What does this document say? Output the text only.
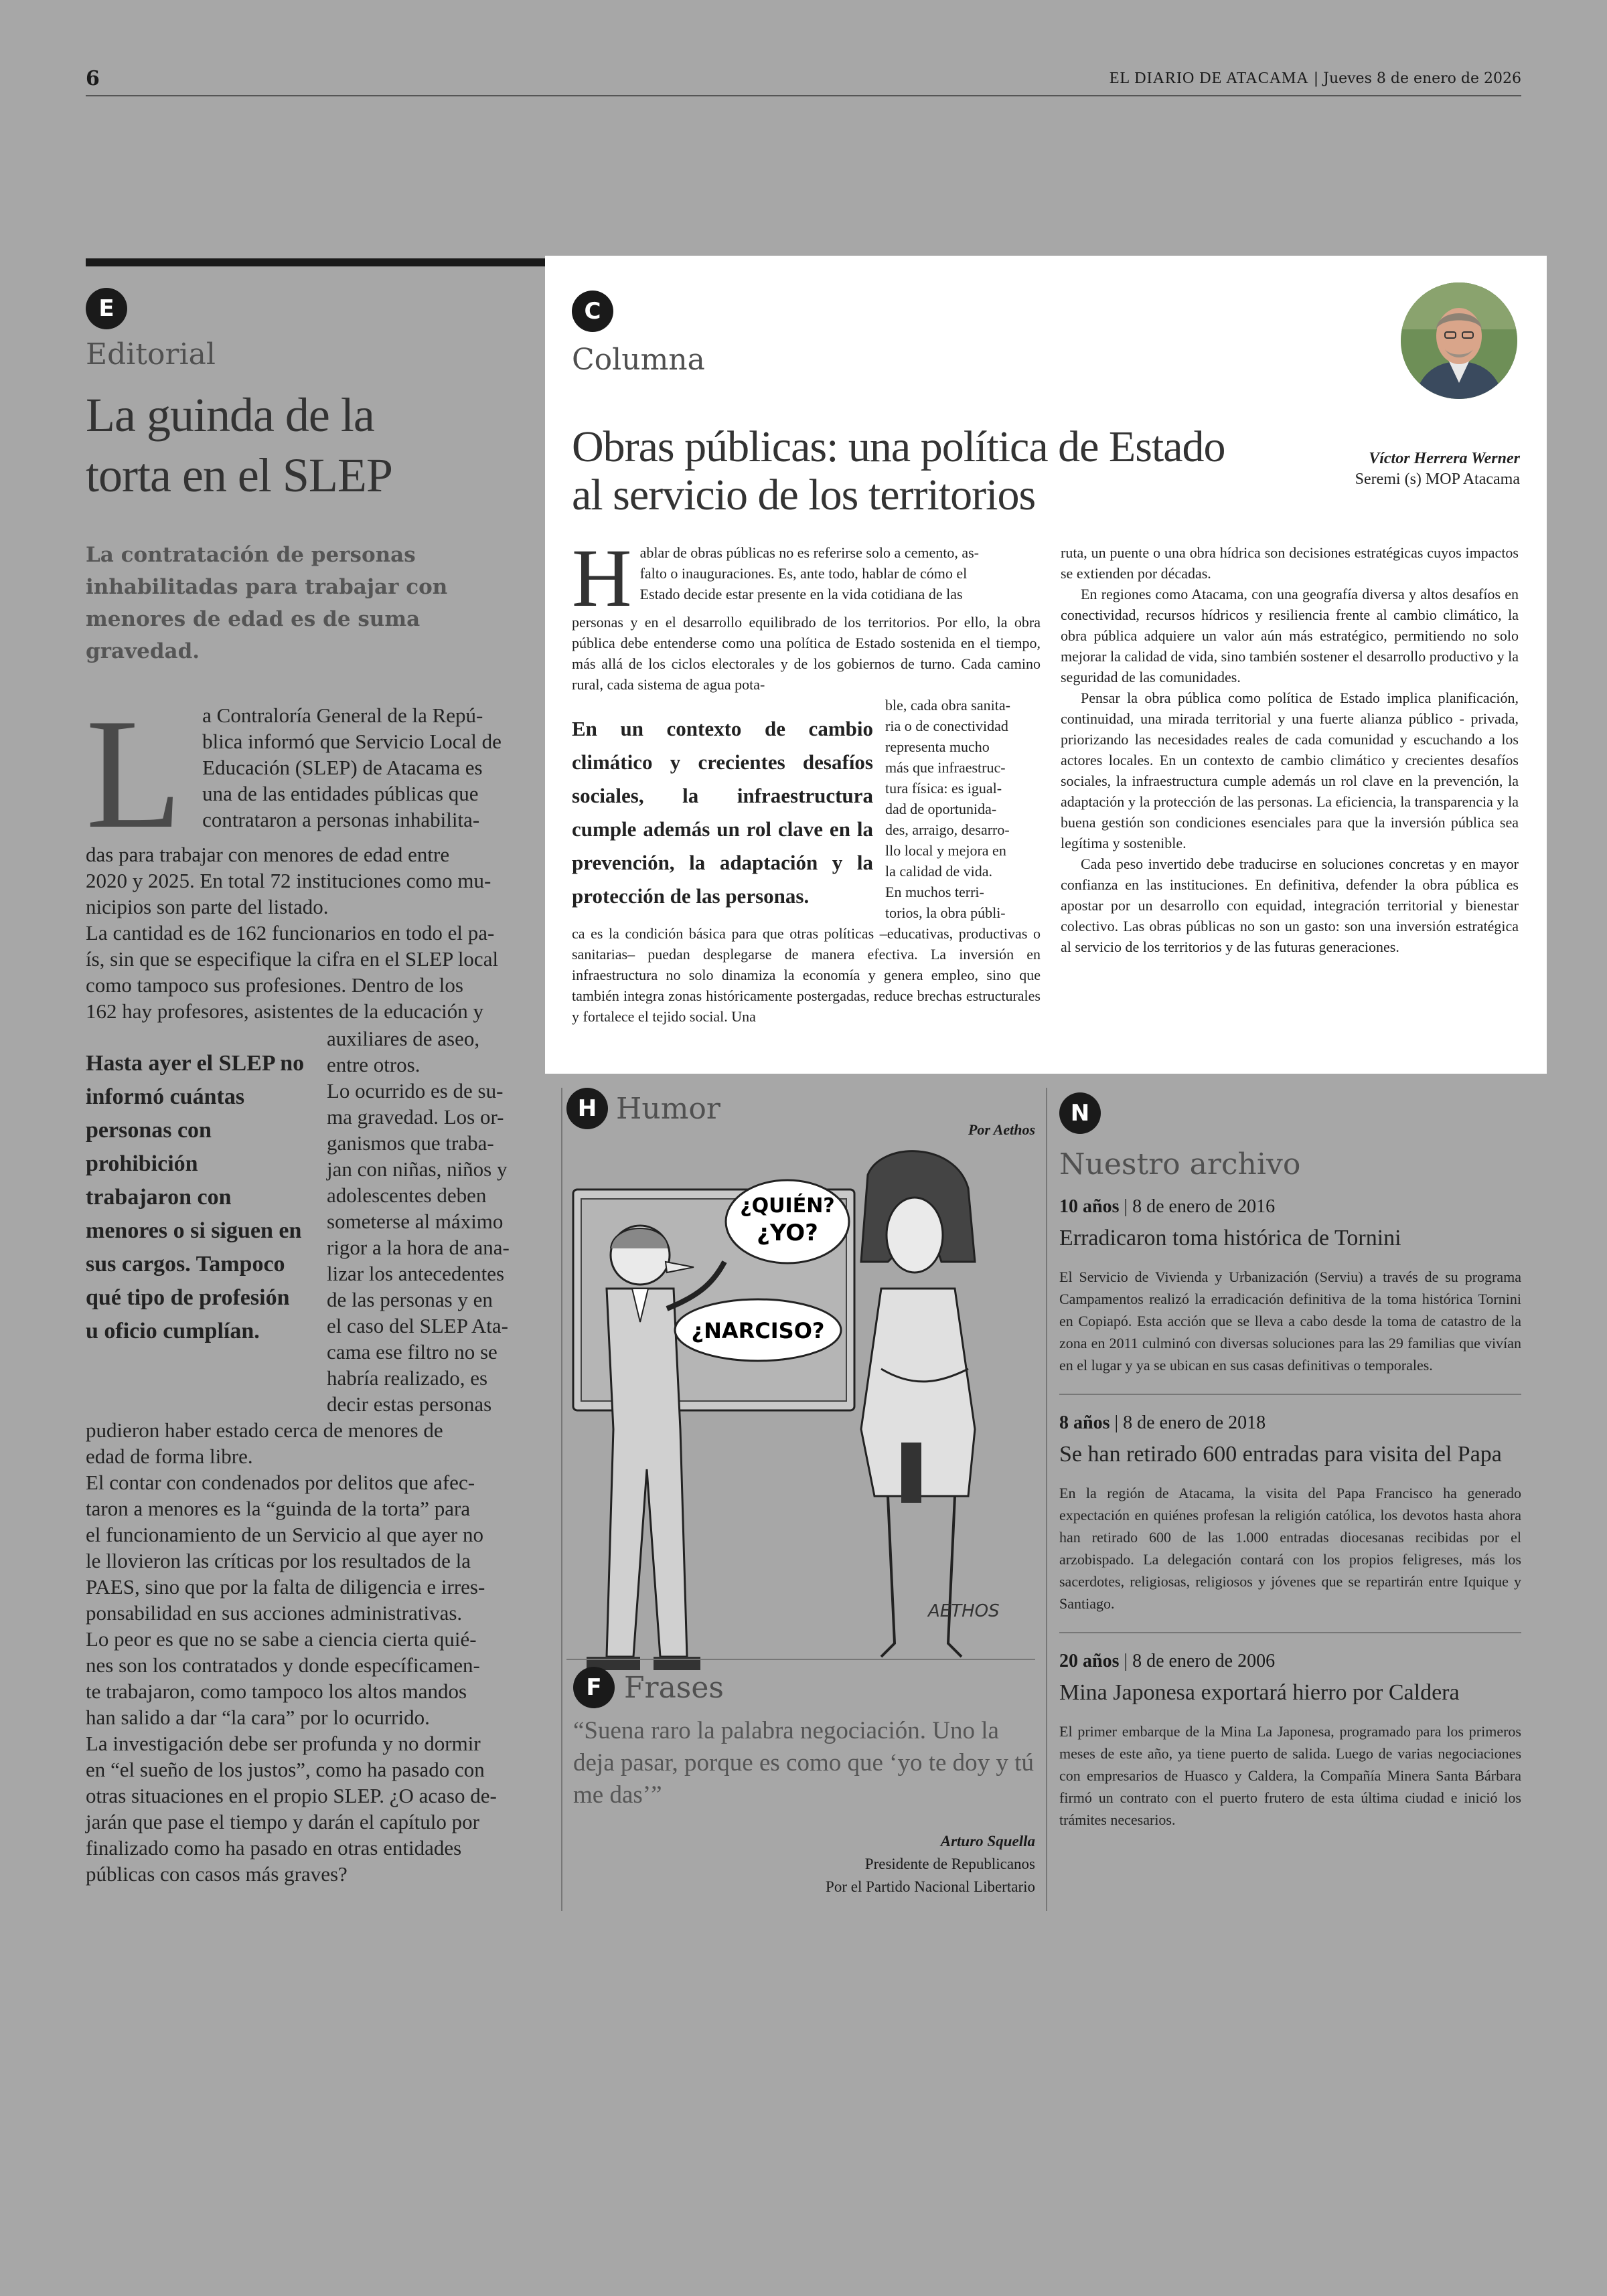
6	EL DIARIO DE ATACAMA | Jueves 8 de enero de 2026
E
Editorial
La guinda de la
torta en el SLEP
La contratación de personas inhabilitadas para trabajar con menores de edad es de suma gravedad.
L a Contraloría General de la Repú-
blica informó que Servicio Local de
Educación (SLEP) de Atacama es
una de las entidades públicas que
contrataron a personas inhabilita-
das para trabajar con menores de edad entre
2020 y 2025. En total 72 instituciones como mu-
nicipios son parte del listado.
La cantidad es de 162 funcionarios en todo el pa-
ís, sin que se especifique la cifra en el SLEP local
como tampoco sus profesiones. Dentro de los
162 hay profesores, asistentes de la educación y
Hasta ayer el SLEP no informó cuántas personas con prohibición trabajaron con menores o si siguen en sus cargos. Tampoco qué tipo de profesión u oficio cumplían.
auxiliares de aseo,
entre otros.
Lo ocurrido es de su-
ma gravedad. Los or-
ganismos que traba-
jan con niñas, niños y
adolescentes deben
someterse al máximo
rigor a la hora de ana-
lizar los antecedentes
de las personas y en
el caso del SLEP Ata-
cama ese filtro no se
habría realizado, es
decir estas personas
pudieron haber estado cerca de menores de
edad de forma libre.
El contar con condenados por delitos que afec-
taron a menores es la “guinda de la torta” para
el funcionamiento de un Servicio al que ayer no
le llovieron las críticas por los resultados de la
PAES, sino que por la falta de diligencia e irres-
ponsabilidad en sus acciones administrativas.
Lo peor es que no se sabe a ciencia cierta quié-
nes son los contratados y donde específicamen-
te trabajaron, como tampoco los altos mandos
han salido a dar “la cara” por lo ocurrido.
La investigación debe ser profunda y no dormir
en “el sueño de los justos”, como ha pasado con
otras situaciones en el propio SLEP. ¿O acaso de-
jarán que pase el tiempo y darán el capítulo por
finalizado como ha pasado en otras entidades
públicas con casos más graves?
C
Columna
Obras públicas: una política de Estado
al servicio de los territorios
Víctor Herrera Werner
Seremi (s) MOP Atacama
H ablar de obras públicas no es referirse solo a cemento, as-
falto o inauguraciones. Es, ante todo, hablar de cómo el
Estado decide estar presente en la vida cotidiana de las
personas y en el desarrollo equilibrado de los territorios. Por ello, la obra pública debe entenderse como una política de Estado sostenida en el tiempo, más allá de los ciclos electorales y de los gobiernos de turno. Cada camino rural, cada sistema de agua pota-
En un contexto de cambio climático y crecientes desafíos sociales, la infraestructura cumple además un rol clave en la prevención, la adaptación y la protección de las personas.
ble, cada obra sanita-
ria o de conectividad
representa mucho
más que infraestruc-
tura física: es igual-
dad de oportunida-
des, arraigo, desarro-
llo local y mejora en
la calidad de vida.
En muchos terri-
torios, la obra públi-
ca es la condición básica para que otras políticas –educativas, productivas o sanitarias– puedan desplegarse de manera efectiva. La inversión en infraestructura no solo dinamiza la economía y genera empleo, sino que también integra zonas históricamente postergadas, reduce brechas estructurales y fortalece el tejido social. Una

ruta, un puente o una obra hídrica son decisiones estratégicas cuyos impactos se extienden por décadas.

En regiones como Atacama, con una geografía diversa y altos desafíos en conectividad, recursos hídricos y resiliencia frente al cambio climático, la obra pública adquiere un valor aún más estratégico, permitiendo no solo mejorar la calidad de vida, sino también sostener el desarrollo productivo y la seguridad de las comunidades.

Pensar la obra pública como política de Estado implica planificación, continuidad, una mirada territorial y una fuerte alianza público - privada, priorizando las necesidades reales de cada comunidad y escuchando a los actores locales. En un contexto de cambio climático y crecientes desafíos sociales, la infraestructura cumple además un rol clave en la prevención, la adaptación y la protección de las personas. La eficiencia, la transparencia y la buena gestión son condiciones esenciales para que la inversión pública sea legítima y sostenible.

Cada peso invertido debe traducirse en soluciones concretas y en mayor confianza en las instituciones. En definitiva, defender la obra pública es apostar por un desarrollo con equidad, integración territorial y bienestar colectivo. Las obras públicas no son un gasto: son una inversión estratégica al servicio de los territorios y de las futuras generaciones.

H Humor
Por Aethos
¿QUIÉN?
¿YO?
¿NARCISO?
AETHOS
F Frases
“Suena raro la palabra negociación. Uno la deja pasar, porque es como que ‘yo te doy y tú me das’”
Arturo Squella
Presidente de Republicanos
Por el Partido Nacional Libertario
N
Nuestro archivo
10 años | 8 de enero de 2016
Erradicaron toma histórica de Tornini
El Servicio de Vivienda y Urbanización (Serviu) a través de su programa Campamentos realizó la erradicación definitiva de la toma histórica Tornini en Copiapó. Esta acción que se lleva a cabo desde la toma de catastro de la zona en 2011 culminó con diversas soluciones para las 29 familias que vivían en el lugar y ya se ubican en sus casas definitivas o temporales.
8 años | 8 de enero de 2018
Se han retirado 600 entradas para visita del Papa
En la región de Atacama, la visita del Papa Francisco ha generado expectación en quiénes profesan la religión católica, los devotos hasta ahora han retirado 600 de las 1.000 entradas diocesanas recibidas por el arzobispado. La delegación contará con los propios feligreses, más los sacerdotes, religiosas, religiosos y jóvenes que se repartirán entre Iquique y Santiago.
20 años | 8 de enero de 2006
Mina Japonesa exportará hierro por Caldera
El primer embarque de la Mina La Japonesa, programado para los primeros meses de este año, ya tiene puerto de salida. Luego de varias negociaciones con empresarios de Huasco y Caldera, la Compañía Minera Santa Bárbara firmó un contrato con el puerto frutero de esta última ciudad e inició los trámites necesarios.
